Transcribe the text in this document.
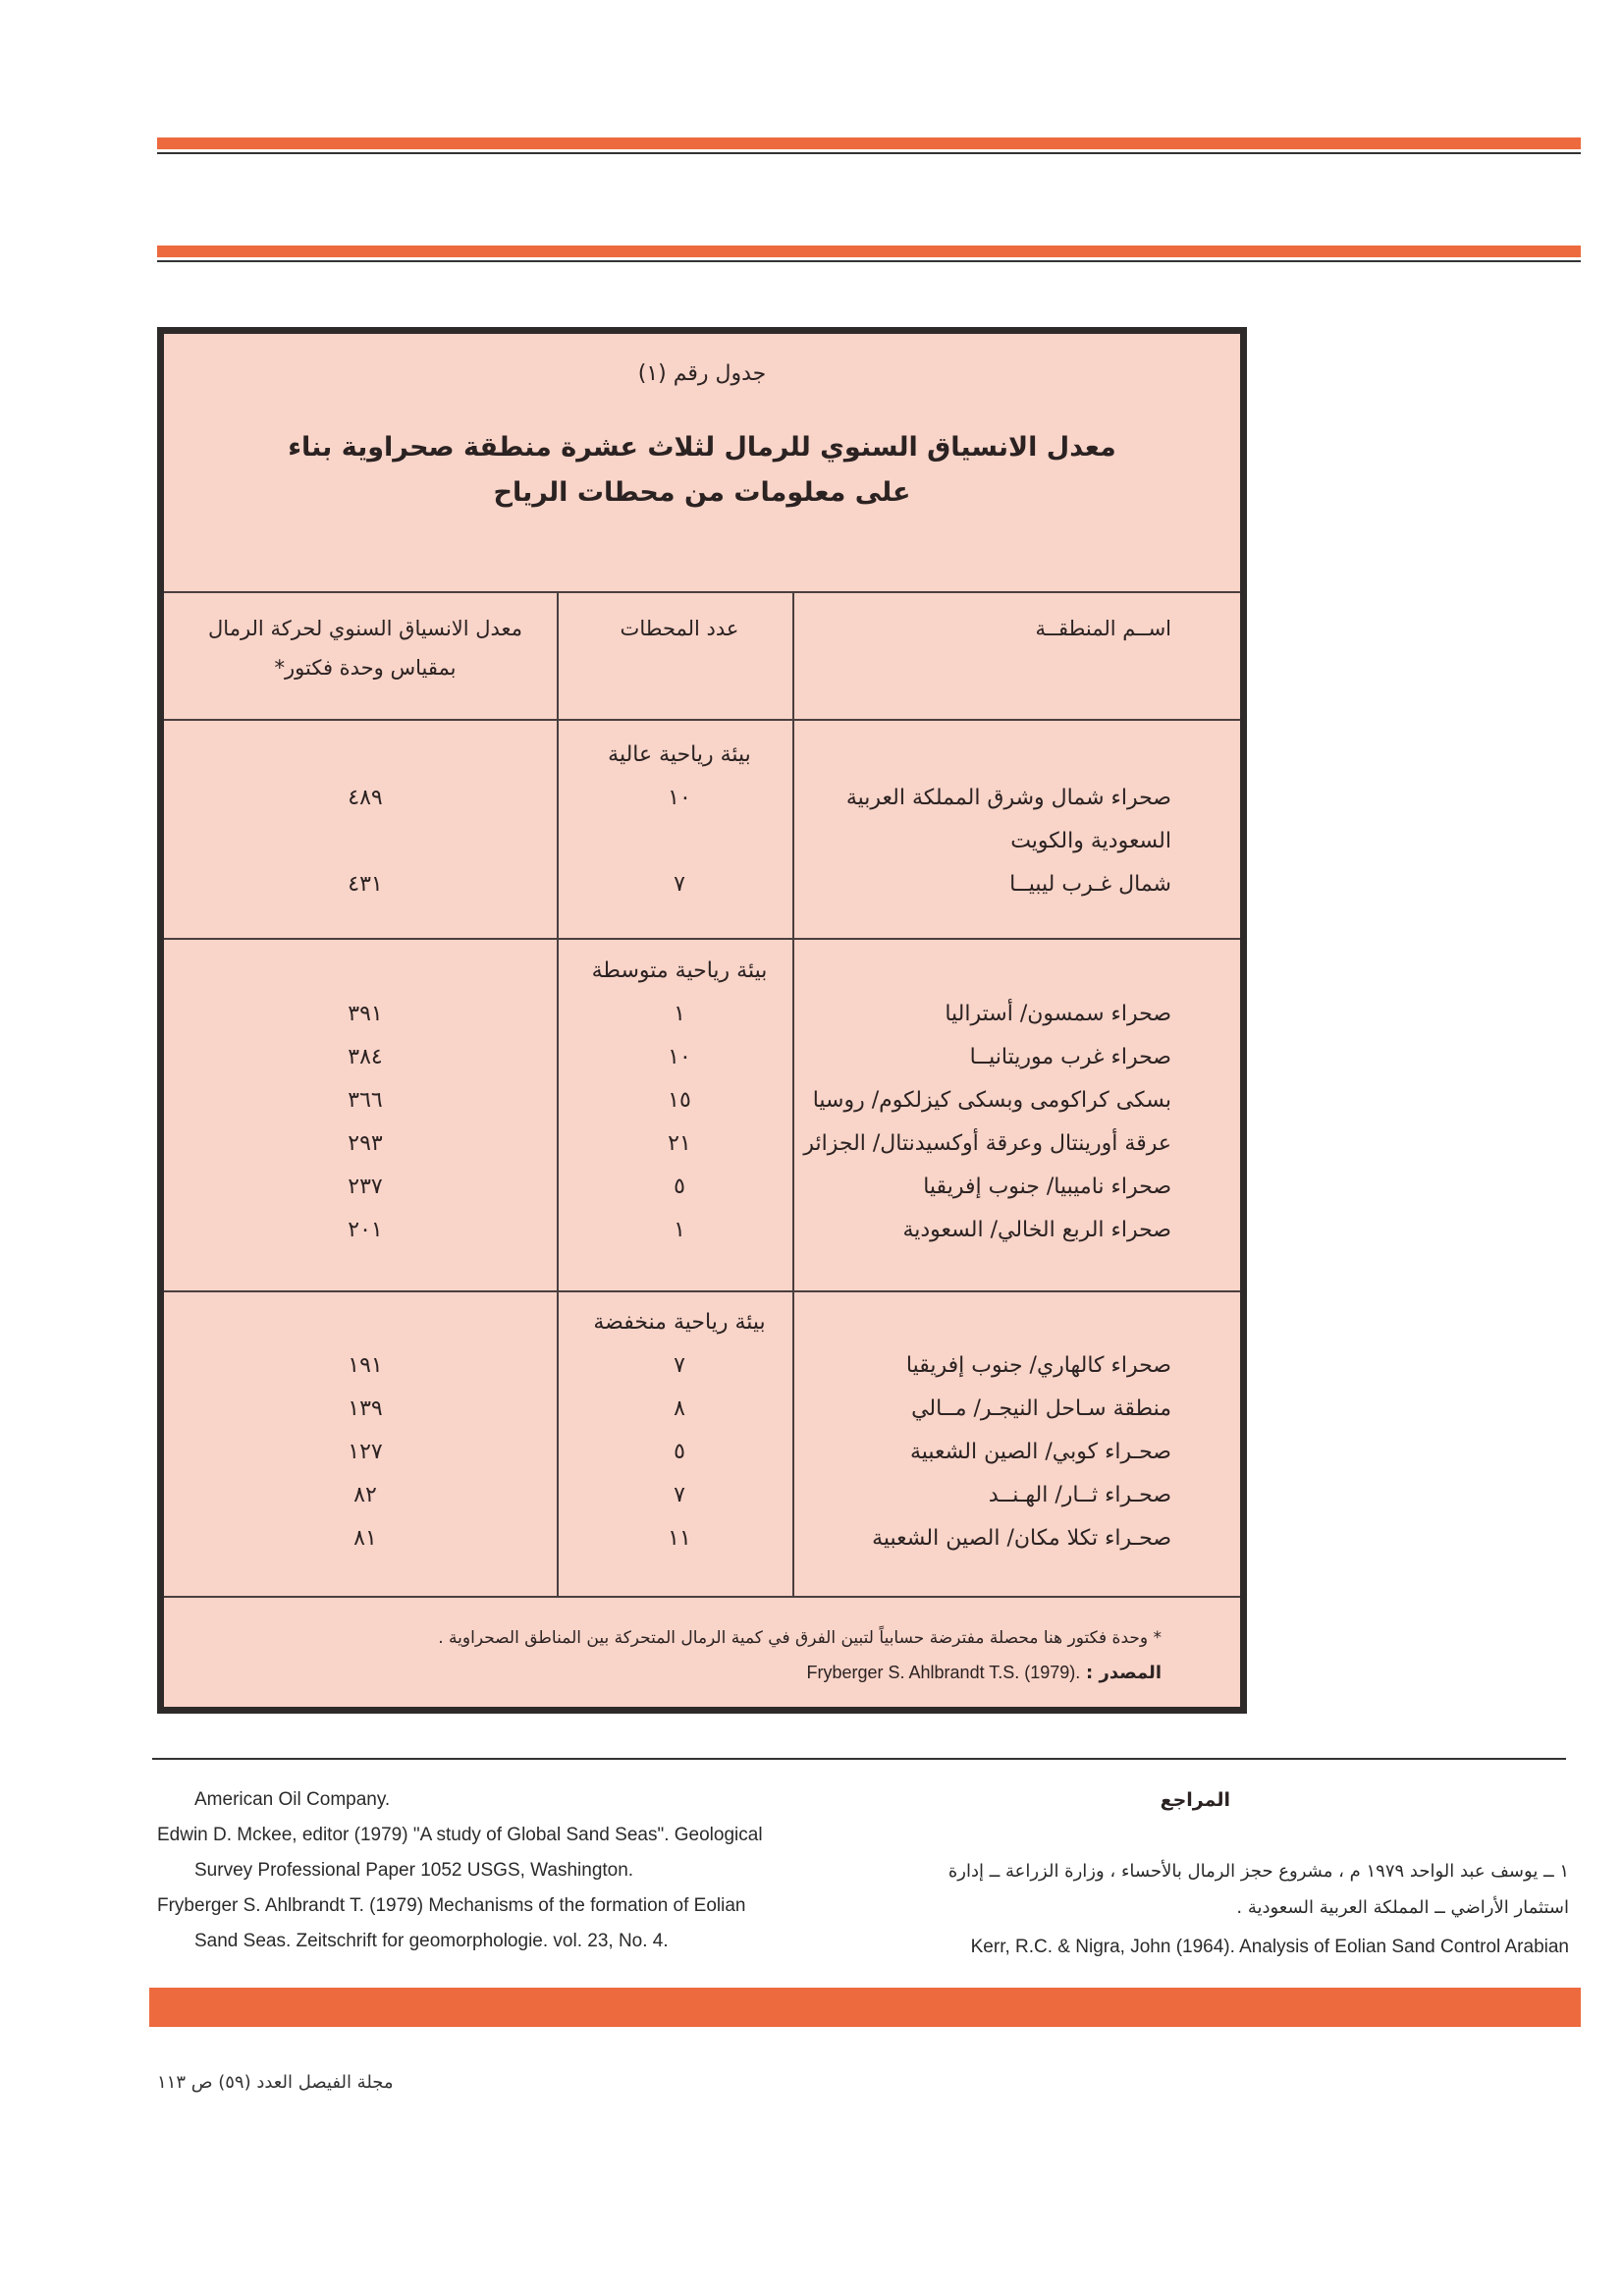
جدول رقم (١)
معدل الانسياق السنوي للرمال لثلاث عشرة منطقة صحراوية بناء
على معلومات من محطات الرياح
اســم المنطقــة
عدد المحطات
معدل الانسياق السنوي لحركة الرمال
بمقياس وحدة فكتور*
بيئة رياحية عالية
صحراء شمال وشرق المملكة العربية
١٠
٤٨٩
السعودية والكويت
شمال غـرب ليبيــا
٧
٤٣١
بيئة رياحية متوسطة
صحراء سمسون/ أستراليا
١
٣٩١
صحراء غرب موريتانيــا
١٠
٣٨٤
بسكى كراكومى وبسكى كيزلكوم/ روسيا
١٥
٣٦٦
عرقة أورينتال وعرقة أوكسيدنتال/ الجزائر
٢١
٢٩٣
صحراء ناميبيا/ جنوب إفريقيا
٥
٢٣٧
صحراء الربع الخالي/ السعودية
١
٢٠١
بيئة رياحية منخفضة
صحراء كالهاري/ جنوب إفريقيا
٧
١٩١
منطقة سـاحل النيجـر/ مــالي
٨
١٣٩
صحـراء كوبي/ الصين الشعبية
٥
١٢٧
صحـراء ثــار/ الهـنــد
٧
٨٢
صحـراء تكلا مكان/ الصين الشعبية
١١
٨١
* وحدة فكتور هنا محصلة مفترضة حسابياً لتبين الفرق في كمية الرمال المتحركة بين المناطق الصحراوية .
المصدر : Fryberger S. Ahlbrandt T.S. (1979).
المراجع
American Oil Company.
Edwin D. Mckee, editor (1979) "A study of Global Sand Seas". Geological
Survey Professional Paper 1052 USGS, Washington.
Fryberger S. Ahlbrandt T. (1979) Mechanisms of the formation of Eolian
Sand Seas. Zeitschrift for geomorphologie. vol. 23, No. 4.
١ ــ يوسف عبد الواحد ١٩٧٩ م ، مشروع حجز الرمال بالأحساء ، وزارة الزراعة ــ إدارة
استثمار الأراضي ــ المملكة العربية السعودية .
Kerr, R.C. & Nigra, John (1964). Analysis of Eolian Sand Control Arabian
مجلة الفيصل العدد (٥٩) ص ١١٣
